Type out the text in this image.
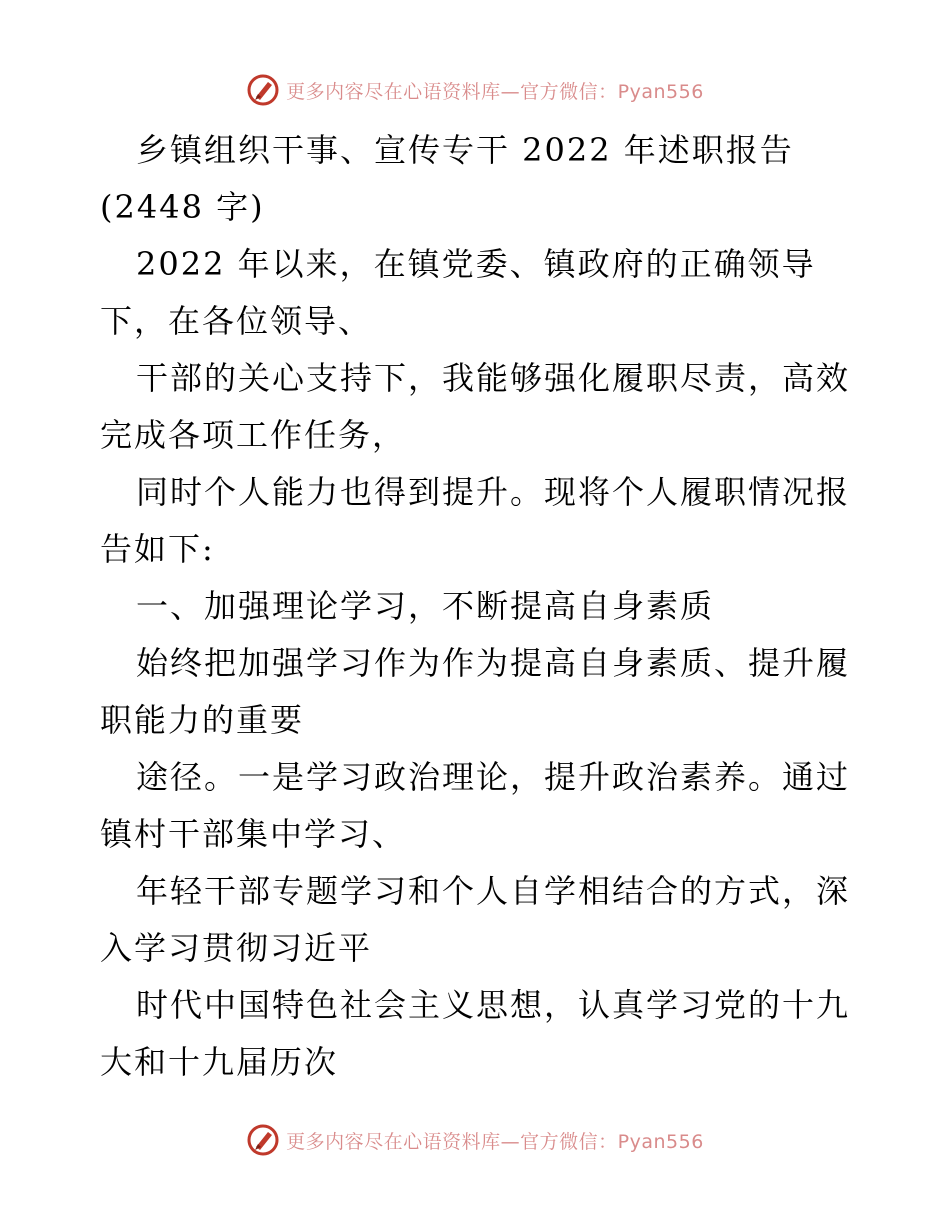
更多内容尽在心语资料库—官方微信：Pyan556
乡镇组织干事、宣传专干 2022 年述职报告
(2448 字)
2022 年以来，在镇党委、镇政府的正确领导
下，在各位领导、
干部的关心支持下，我能够强化履职尽责，高效
完成各项工作任务，
同时个人能力也得到提升。现将个人履职情况报
告如下:
一、加强理论学习，不断提高自身素质
始终把加强学习作为作为提高自身素质、提升履
职能力的重要
途径。一是学习政治理论，提升政治素养。通过
镇村干部集中学习、
年轻干部专题学习和个人自学相结合的方式，深
入学习贯彻习近平
时代中国特色社会主义思想，认真学习党的十九
大和十九届历次
更多内容尽在心语资料库—官方微信：Pyan556
